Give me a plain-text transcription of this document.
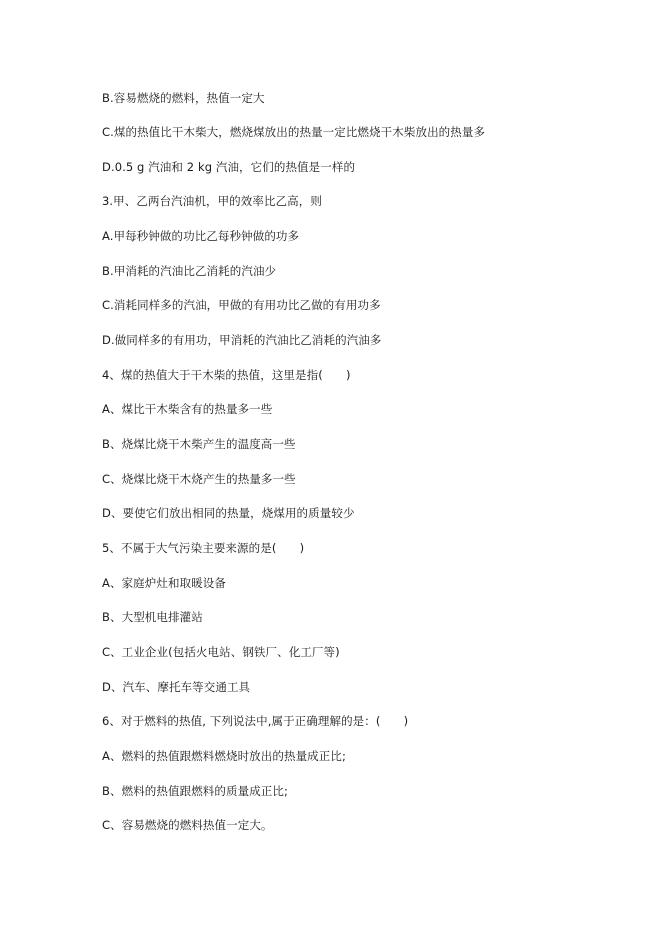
B.容易燃烧的燃料，热值一定大
C.煤的热值比干木柴大，燃烧煤放出的热量一定比燃烧干木柴放出的热量多
D.0.5 g 汽油和 2 kg 汽油，它们的热值是一样的
3.甲、乙两台汽油机，甲的效率比乙高，则
A.甲每秒钟做的功比乙每秒钟做的功多
B.甲消耗的汽油比乙消耗的汽油少
C.消耗同样多的汽油，甲做的有用功比乙做的有用功多
D.做同样多的有用功，甲消耗的汽油比乙消耗的汽油多
4、煤的热值大于干木柴的热值，这里是指(　　)
A、煤比干木柴含有的热量多一些
B、烧煤比烧干木柴产生的温度高一些
C、烧煤比烧干木烧产生的热量多一些
D、要使它们放出相同的热量，烧煤用的质量较少
5、不属于大气污染主要来源的是(　　)
A、家庭炉灶和取暖设备
B、大型机电排灌站
C、工业企业(包括火电站、钢铁厂、化工厂等)
D、汽车、摩托车等交通工具
6、对于燃料的热值, 下列说法中,属于正确理解的是：(　　)
A、燃料的热值跟燃料燃烧时放出的热量成正比;
B、燃料的热值跟燃料的质量成正比;
C、容易燃烧的燃料热值一定大。
